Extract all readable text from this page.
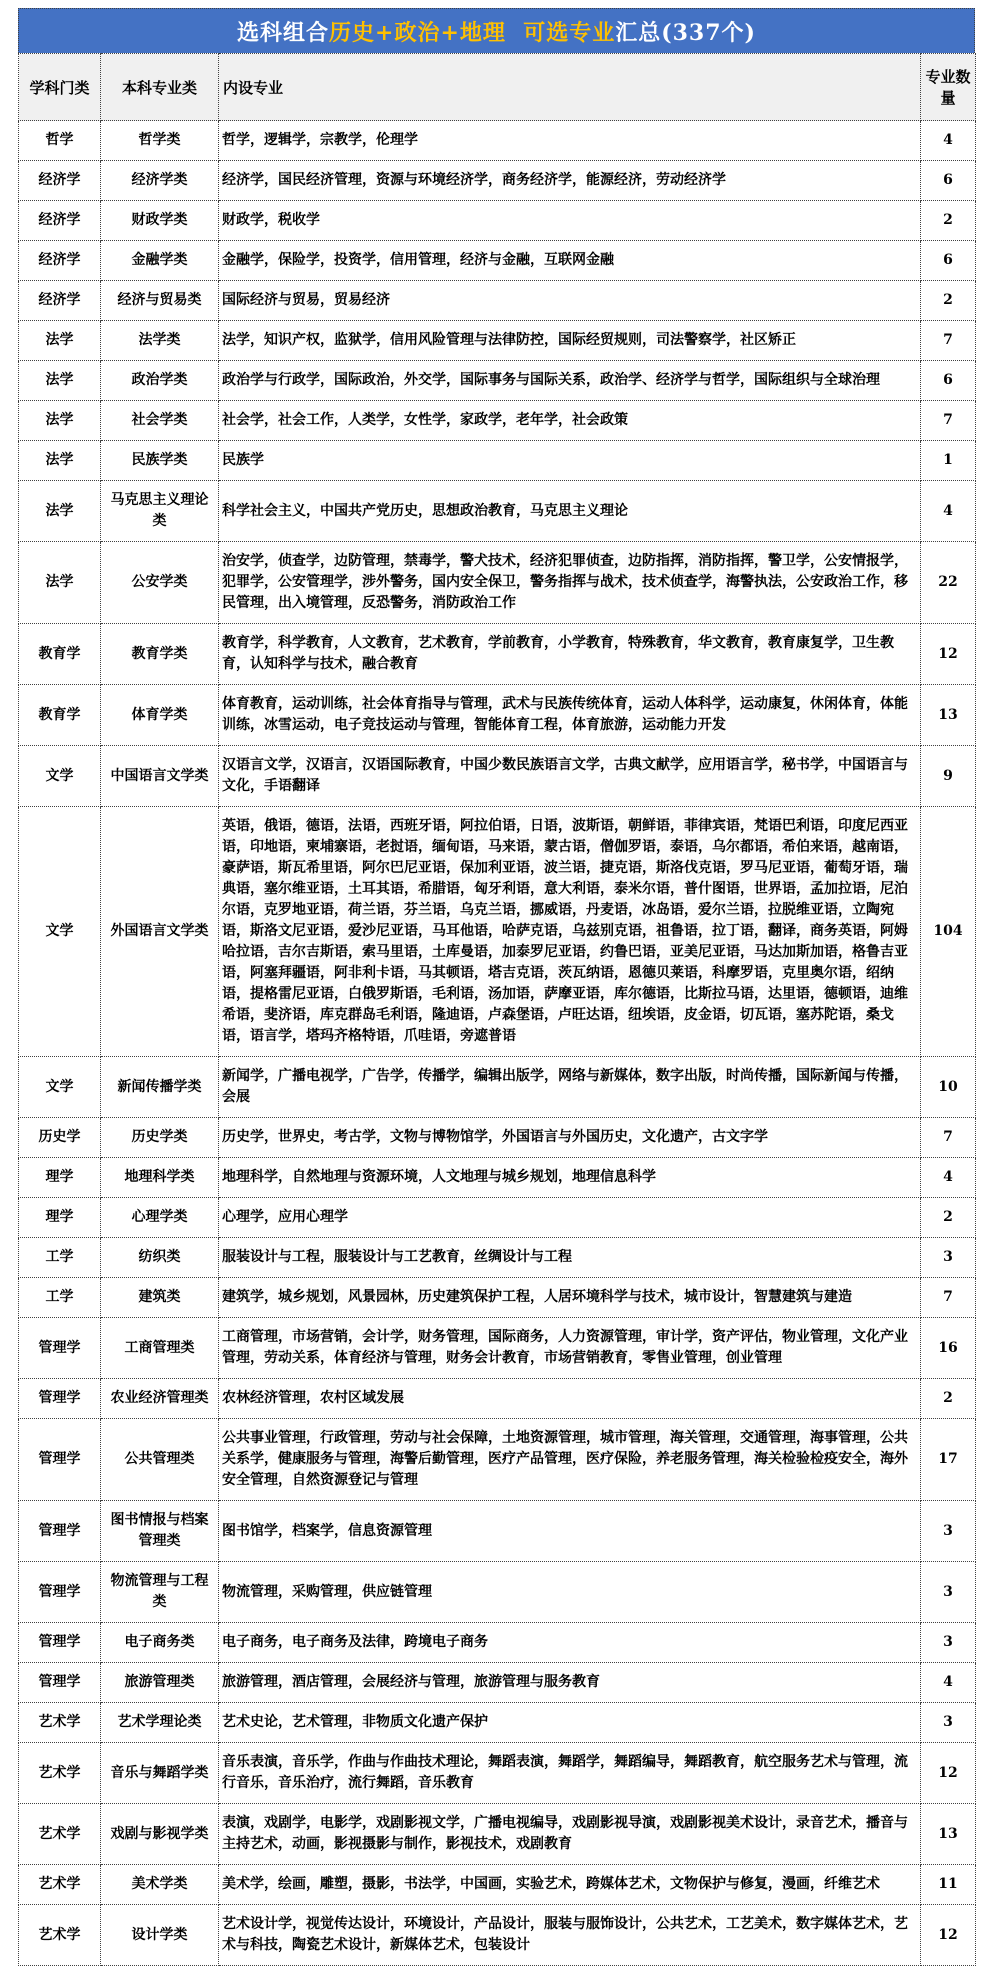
选科组合历史+政治+地理  可选专业汇总(337个)
学科门类	本科专业类	内设专业	专业数量
哲学	哲学类	哲学，逻辑学，宗教学，伦理学	4
经济学	经济学类	经济学，国民经济管理，资源与环境经济学，商务经济学，能源经济，劳动经济学	6
经济学	财政学类	财政学，税收学	2
经济学	金融学类	金融学，保险学，投资学，信用管理，经济与金融，互联网金融	6
经济学	经济与贸易类	国际经济与贸易，贸易经济	2
法学	法学类	法学，知识产权，监狱学，信用风险管理与法律防控，国际经贸规则，司法警察学，社区矫正	7
法学	政治学类	政治学与行政学，国际政治，外交学，国际事务与国际关系，政治学、经济学与哲学，国际组织与全球治理	6
法学	社会学类	社会学，社会工作，人类学，女性学，家政学，老年学，社会政策	7
法学	民族学类	民族学	1
法学	马克思主义理论类	科学社会主义，中国共产党历史，思想政治教育，马克思主义理论	4
法学	公安学类	治安学，侦查学，边防管理，禁毒学，警犬技术，经济犯罪侦查，边防指挥，消防指挥，警卫学，公安情报学，犯罪学，公安管理学，涉外警务，国内安全保卫，警务指挥与战术，技术侦查学，海警执法，公安政治工作，移民管理，出入境管理，反恐警务，消防政治工作	22
教育学	教育学类	教育学，科学教育，人文教育，艺术教育，学前教育，小学教育，特殊教育，华文教育，教育康复学，卫生教育，认知科学与技术，融合教育	12
教育学	体育学类	体育教育，运动训练，社会体育指导与管理，武术与民族传统体育，运动人体科学，运动康复，休闲体育，体能训练，冰雪运动，电子竞技运动与管理，智能体育工程，体育旅游，运动能力开发	13
文学	中国语言文学类	汉语言文学，汉语言，汉语国际教育，中国少数民族语言文学，古典文献学，应用语言学，秘书学，中国语言与文化，手语翻译	9
文学	外国语言文学类	英语，俄语，德语，法语，西班牙语，阿拉伯语，日语，波斯语，朝鲜语，菲律宾语，梵语巴利语，印度尼西亚语，印地语，柬埔寨语，老挝语，缅甸语，马来语，蒙古语，僧伽罗语，泰语，乌尔都语，希伯来语，越南语，豪萨语，斯瓦希里语，阿尔巴尼亚语，保加利亚语，波兰语，捷克语，斯洛伐克语，罗马尼亚语，葡萄牙语，瑞典语，塞尔维亚语，土耳其语，希腊语，匈牙利语，意大利语，泰米尔语，普什图语，世界语，孟加拉语，尼泊尔语，克罗地亚语，荷兰语，芬兰语，乌克兰语，挪威语，丹麦语，冰岛语，爱尔兰语，拉脱维亚语，立陶宛语，斯洛文尼亚语，爱沙尼亚语，马耳他语，哈萨克语，乌兹别克语，祖鲁语，拉丁语，翻译，商务英语，阿姆哈拉语，吉尔吉斯语，索马里语，土库曼语，加泰罗尼亚语，约鲁巴语，亚美尼亚语，马达加斯加语，格鲁吉亚语，阿塞拜疆语，阿非利卡语，马其顿语，塔吉克语，茨瓦纳语，恩德贝莱语，科摩罗语，克里奥尔语，绍纳语，提格雷尼亚语，白俄罗斯语，毛利语，汤加语，萨摩亚语，库尔德语，比斯拉马语，达里语，德顿语，迪维希语，斐济语，库克群岛毛利语，隆迪语，卢森堡语，卢旺达语，纽埃语，皮金语，切瓦语，塞苏陀语，桑戈语，语言学，塔玛齐格特语，爪哇语，旁遮普语	104
文学	新闻传播学类	新闻学，广播电视学，广告学，传播学，编辑出版学，网络与新媒体，数字出版，时尚传播，国际新闻与传播，会展	10
历史学	历史学类	历史学，世界史，考古学，文物与博物馆学，外国语言与外国历史，文化遗产，古文字学	7
理学	地理科学类	地理科学，自然地理与资源环境，人文地理与城乡规划，地理信息科学	4
理学	心理学类	心理学，应用心理学	2
工学	纺织类	服装设计与工程，服装设计与工艺教育，丝绸设计与工程	3
工学	建筑类	建筑学，城乡规划，风景园林，历史建筑保护工程，人居环境科学与技术，城市设计，智慧建筑与建造	7
管理学	工商管理类	工商管理，市场营销，会计学，财务管理，国际商务，人力资源管理，审计学，资产评估，物业管理，文化产业管理，劳动关系，体育经济与管理，财务会计教育，市场营销教育，零售业管理，创业管理	16
管理学	农业经济管理类	农林经济管理，农村区域发展	2
管理学	公共管理类	公共事业管理，行政管理，劳动与社会保障，土地资源管理，城市管理，海关管理，交通管理，海事管理，公共关系学，健康服务与管理，海警后勤管理，医疗产品管理，医疗保险，养老服务管理，海关检验检疫安全，海外安全管理，自然资源登记与管理	17
管理学	图书情报与档案管理类	图书馆学，档案学，信息资源管理	3
管理学	物流管理与工程类	物流管理，采购管理，供应链管理	3
管理学	电子商务类	电子商务，电子商务及法律，跨境电子商务	3
管理学	旅游管理类	旅游管理，酒店管理，会展经济与管理，旅游管理与服务教育	4
艺术学	艺术学理论类	艺术史论，艺术管理，非物质文化遗产保护	3
艺术学	音乐与舞蹈学类	音乐表演，音乐学，作曲与作曲技术理论，舞蹈表演，舞蹈学，舞蹈编导，舞蹈教育，航空服务艺术与管理，流行音乐，音乐治疗，流行舞蹈，音乐教育	12
艺术学	戏剧与影视学类	表演，戏剧学，电影学，戏剧影视文学，广播电视编导，戏剧影视导演，戏剧影视美术设计，录音艺术，播音与主持艺术，动画，影视摄影与制作，影视技术，戏剧教育	13
艺术学	美术学类	美术学，绘画，雕塑，摄影，书法学，中国画，实验艺术，跨媒体艺术，文物保护与修复，漫画，纤维艺术	11
艺术学	设计学类	艺术设计学，视觉传达设计，环境设计，产品设计，服装与服饰设计，公共艺术，工艺美术，数字媒体艺术，艺术与科技，陶瓷艺术设计，新媒体艺术，包装设计	12
